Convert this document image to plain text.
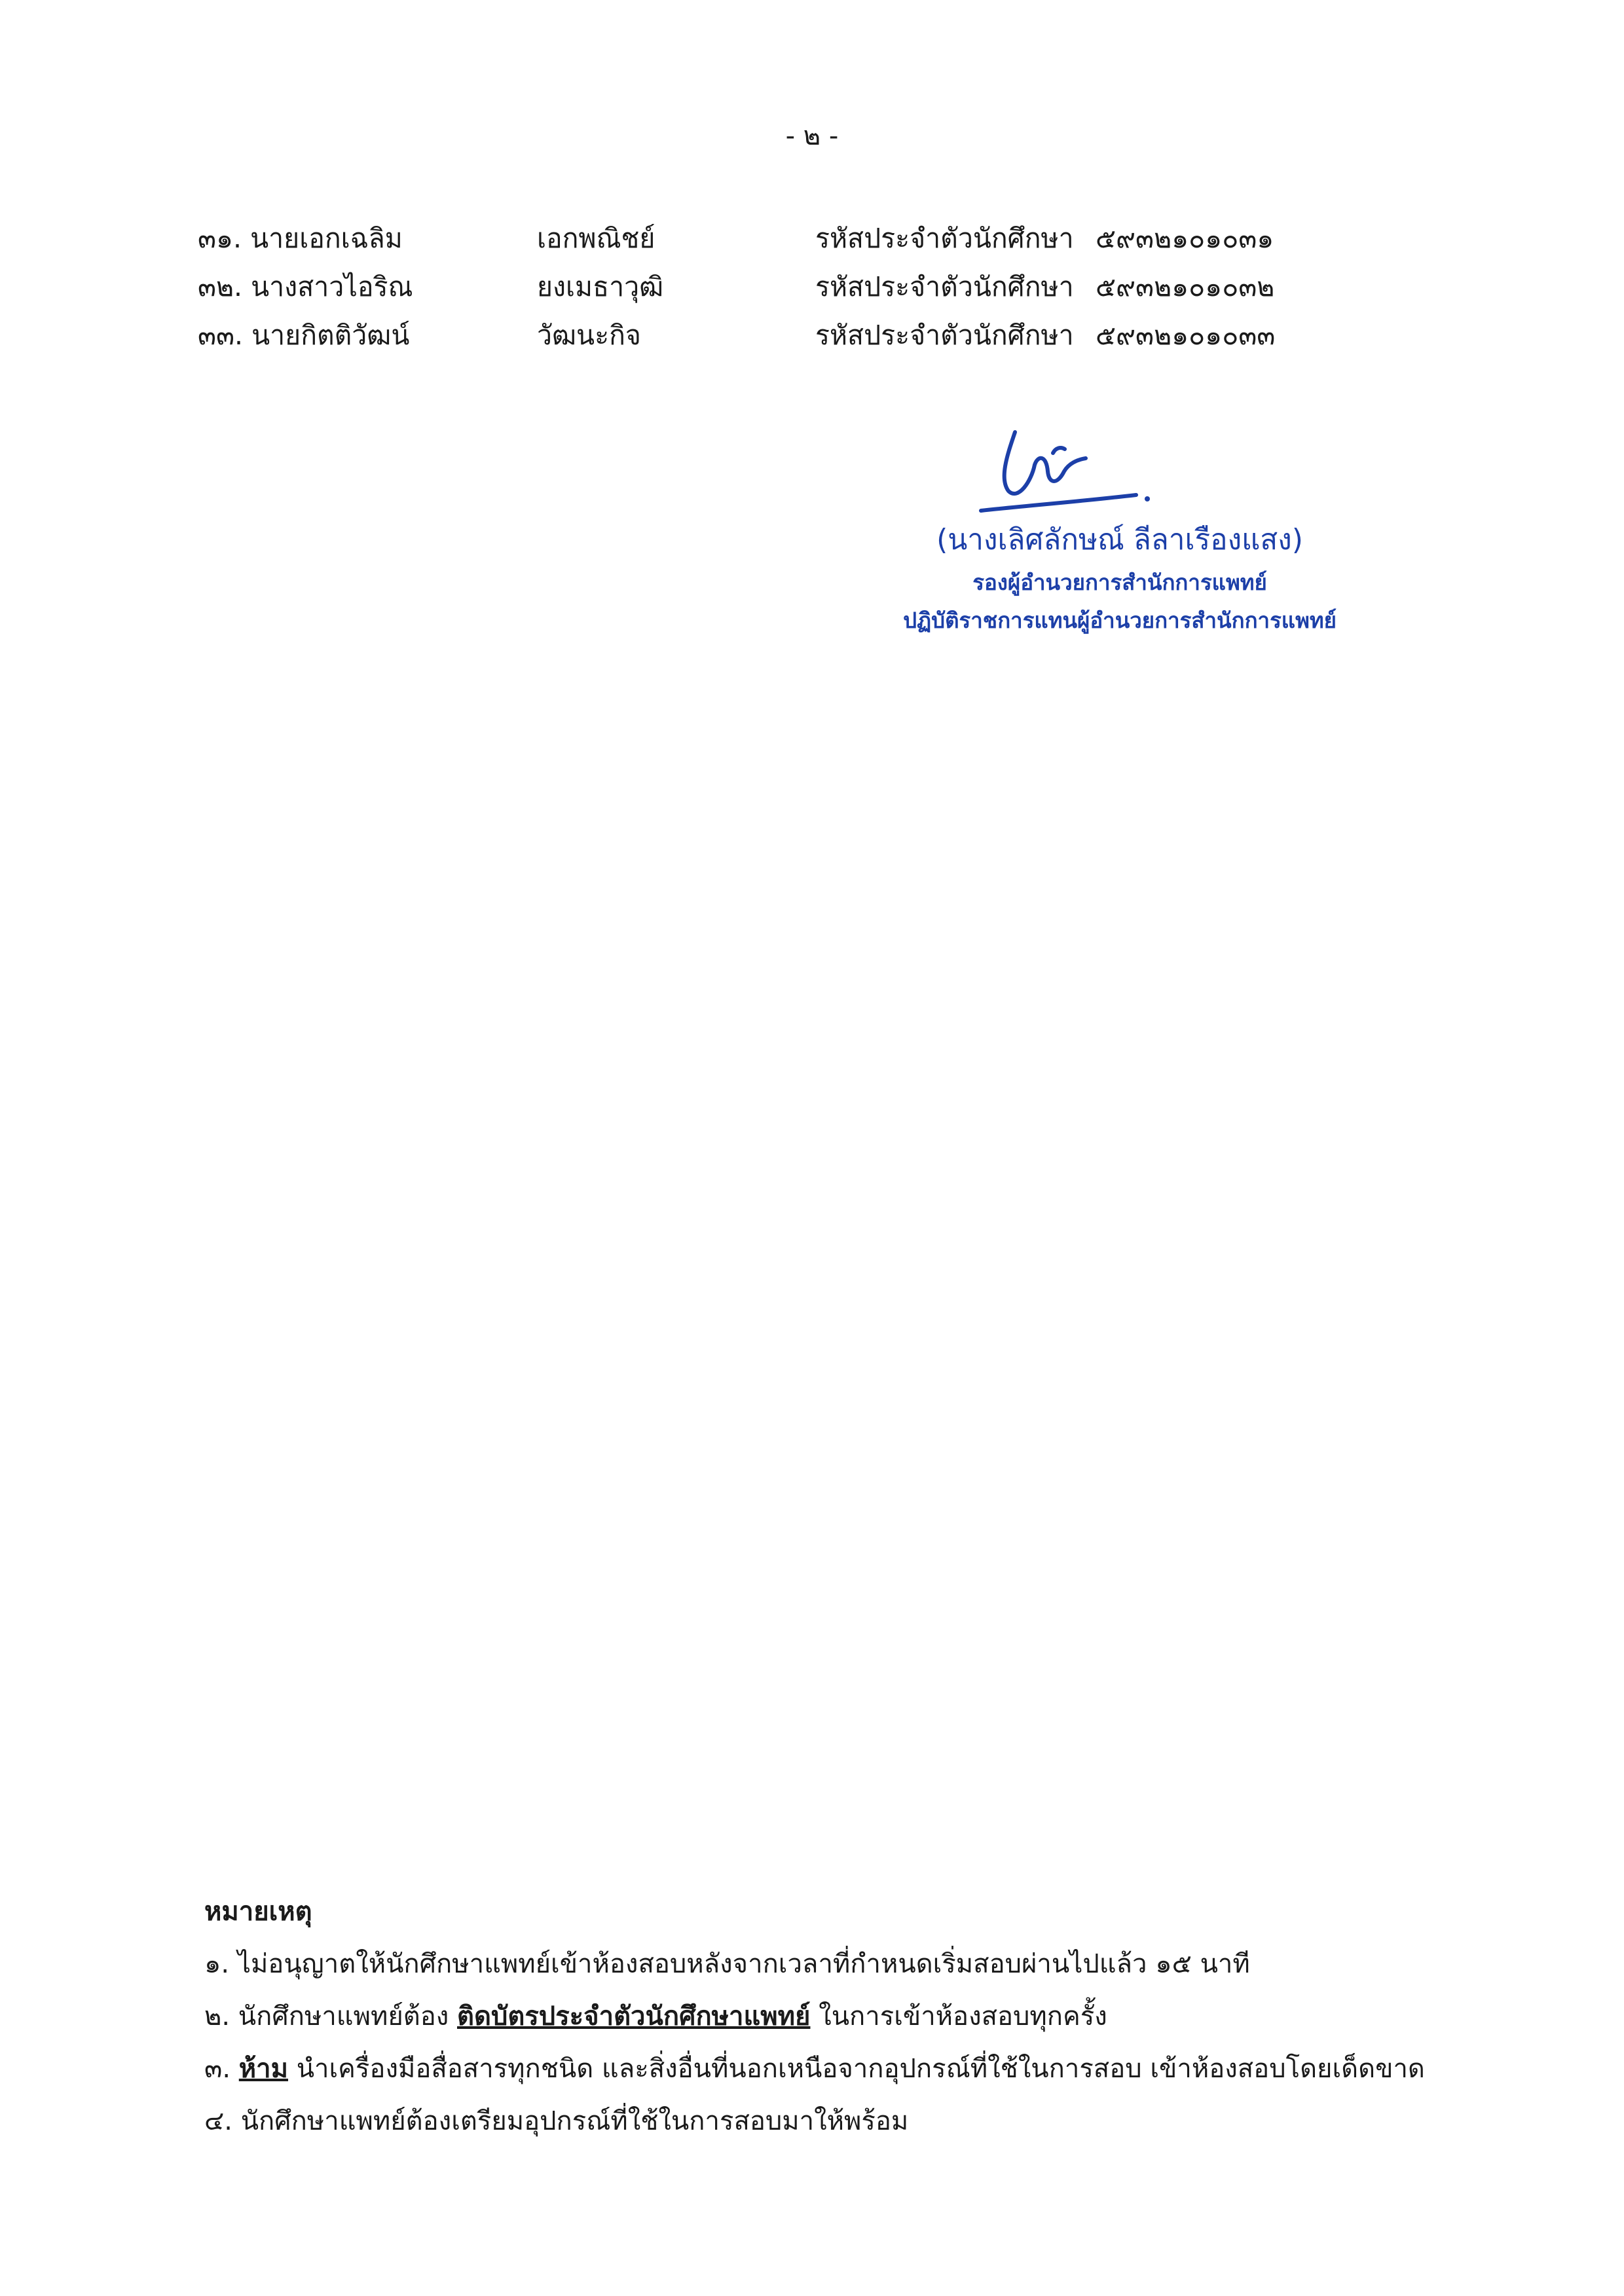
- ๒ -
๓๑. นายเอกเฉลิม	เอกพณิชย์	รหัสประจำตัวนักศึกษา ๕๙๓๒๑๐๑๐๓๑
๓๒. นางสาวไอริณ	ยงเมธาวุฒิ	รหัสประจำตัวนักศึกษา ๕๙๓๒๑๐๑๐๓๒
๓๓. นายกิตติวัฒน์	วัฒนะกิจ	รหัสประจำตัวนักศึกษา ๕๙๓๒๑๐๑๐๓๓
(นางเลิศลักษณ์ ลีลาเรืองแสง)
รองผู้อำนวยการสำนักการแพทย์
ปฏิบัติราชการแทนผู้อำนวยการสำนักการแพทย์
หมายเหตุ
๑. ไม่อนุญาตให้นักศึกษาแพทย์เข้าห้องสอบหลังจากเวลาที่กำหนดเริ่มสอบผ่านไปแล้ว ๑๕ นาที
๒. นักศึกษาแพทย์ต้อง ติดบัตรประจำตัวนักศึกษาแพทย์ ในการเข้าห้องสอบทุกครั้ง
๓. ห้าม นำเครื่องมือสื่อสารทุกชนิด และสิ่งอื่นที่นอกเหนือจากอุปกรณ์ที่ใช้ในการสอบ เข้าห้องสอบโดยเด็ดขาด
๔. นักศึกษาแพทย์ต้องเตรียมอุปกรณ์ที่ใช้ในการสอบมาให้พร้อม
